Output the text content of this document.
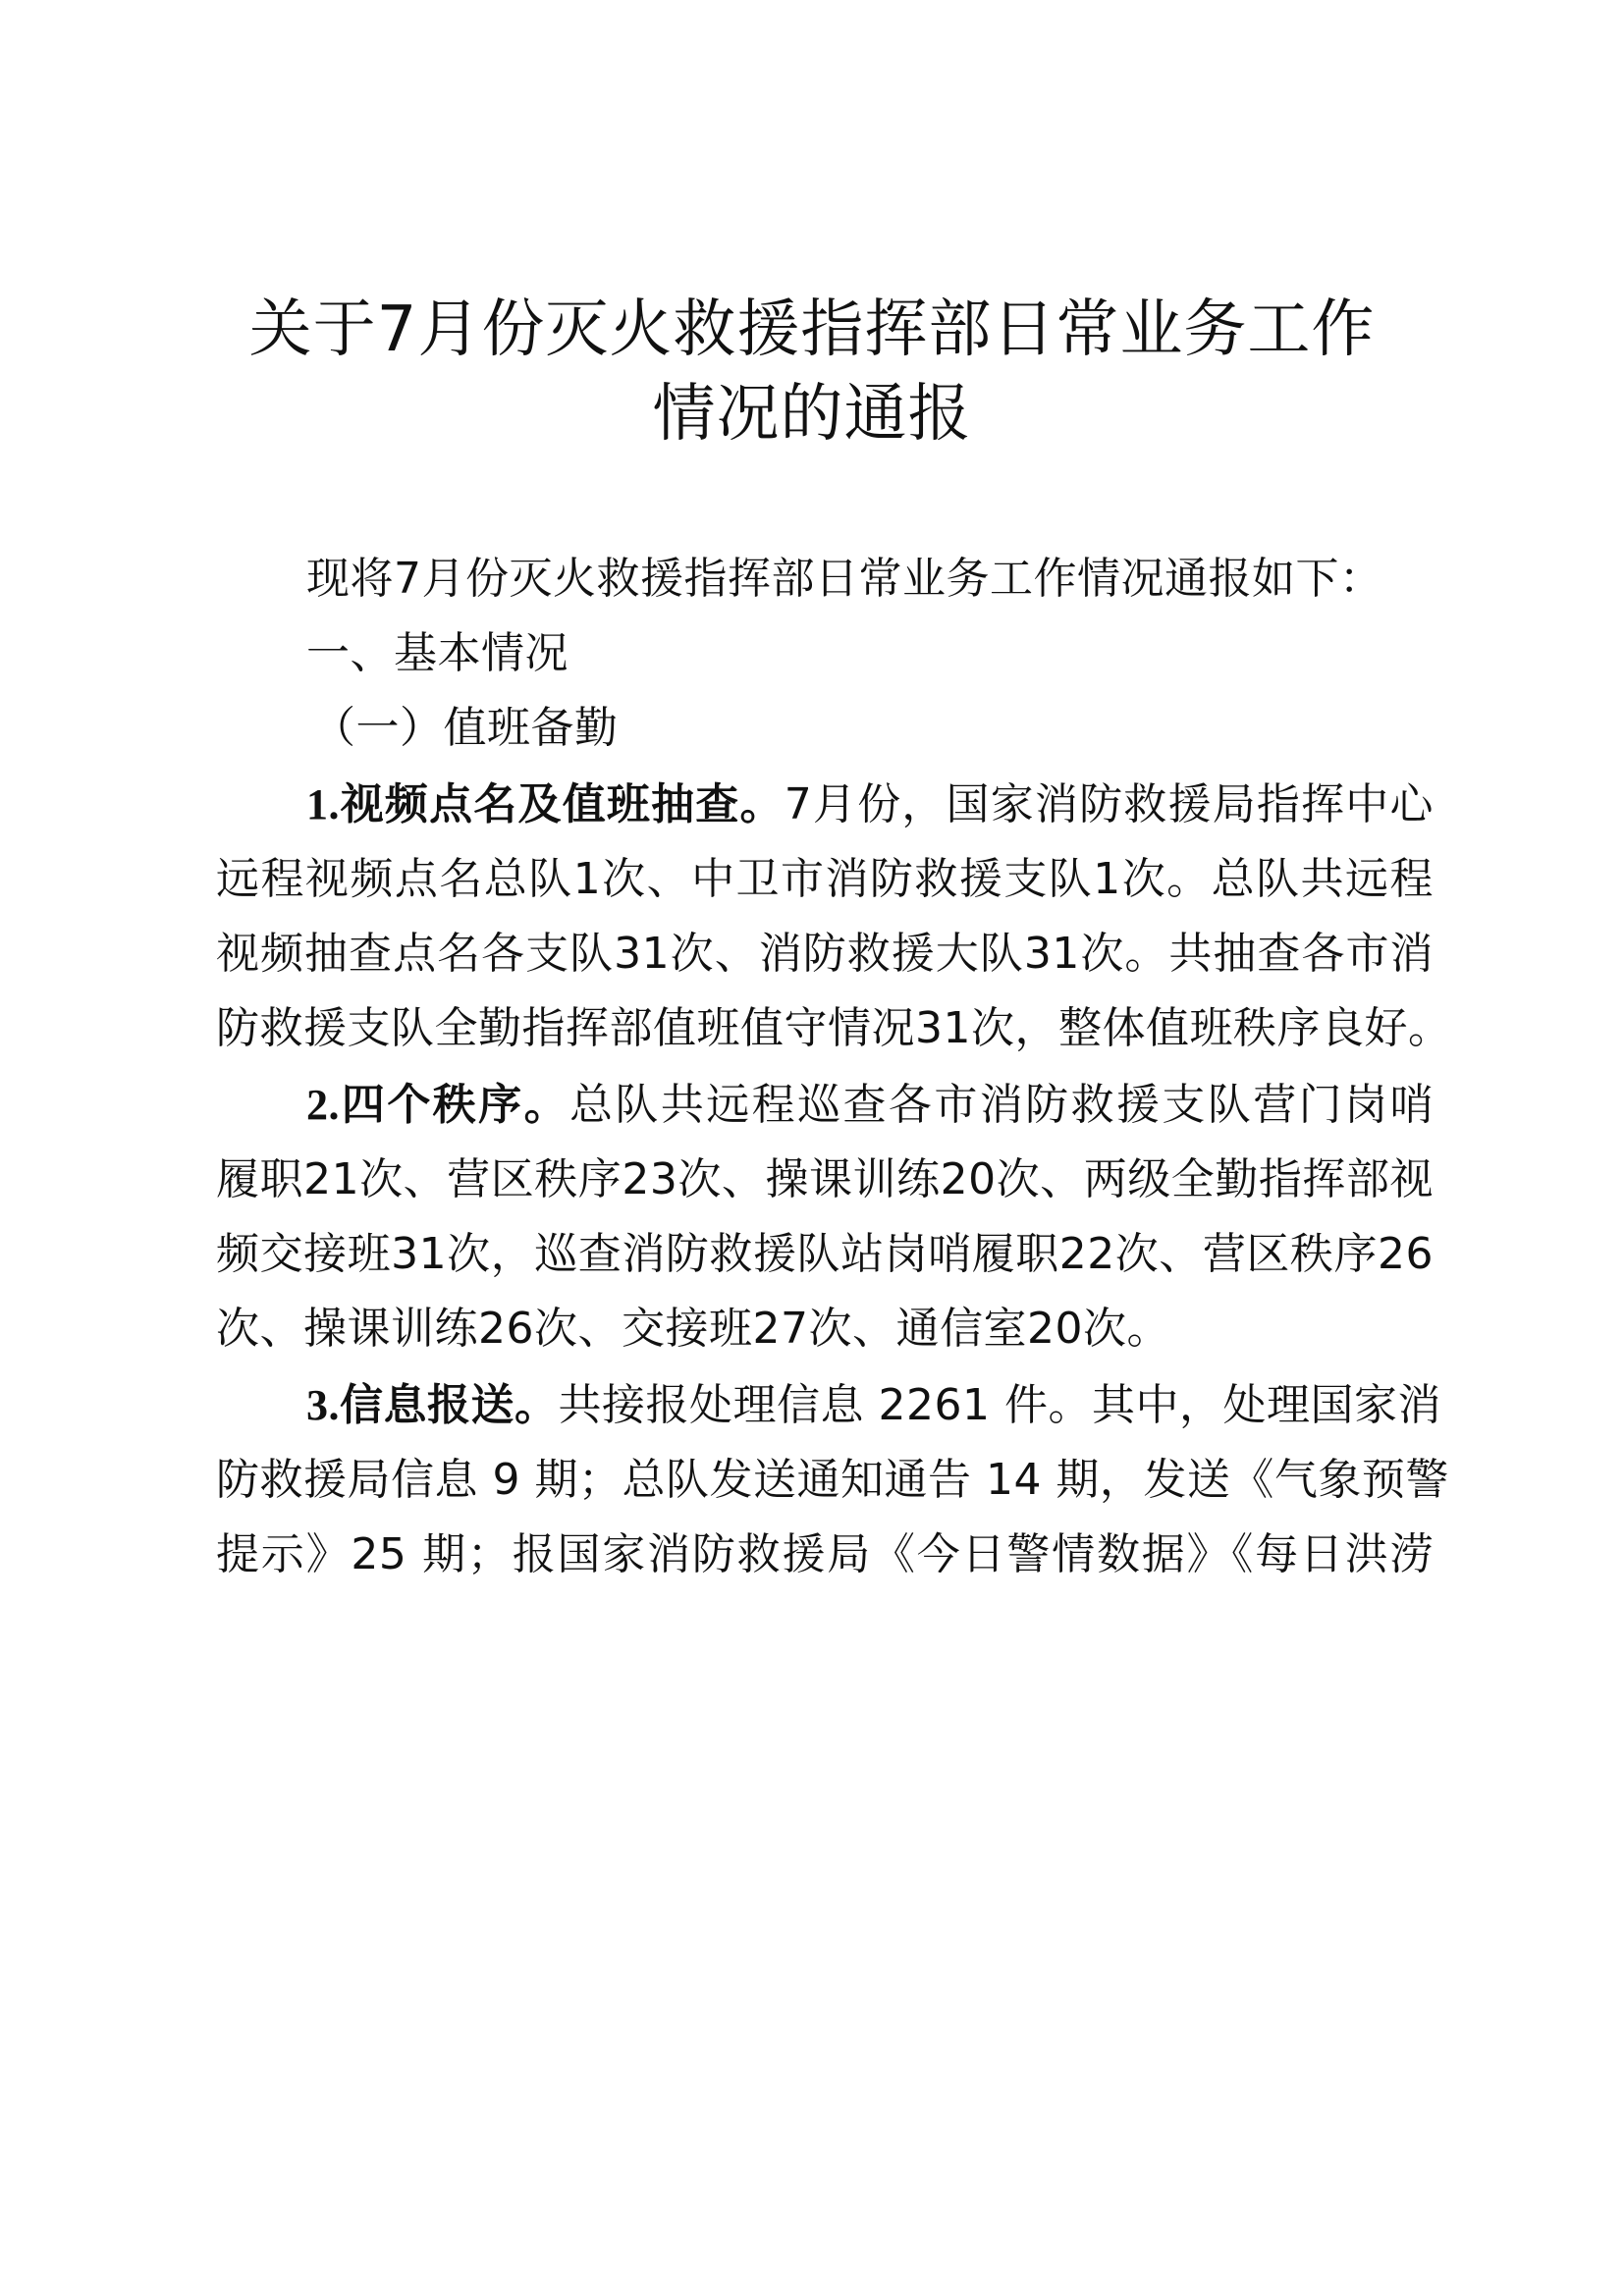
关于7月份灭火救援指挥部日常业务工作
情况的通报
现将7月份灭火救援指挥部日常业务工作情况通报如下：
一、基本情况
（一）值班备勤
1.视频点名及值班抽查。7月份，国家消防救援局指挥中心
远程视频点名总队1次、中卫市消防救援支队1次。总队共远程
视频抽查点名各支队31次、消防救援大队31次。共抽查各市消
防救援支队全勤指挥部值班值守情况31次，整体值班秩序良好。
2.四个秩序。总队共远程巡查各市消防救援支队营门岗哨
履职21次、营区秩序23次、操课训练20次、两级全勤指挥部视
频交接班31次，巡查消防救援队站岗哨履职22次、营区秩序26
次、操课训练26次、交接班27次、通信室20次。
3.信息报送。共接报处理信息 2261 件。其中，处理国家消
防救援局信息 9 期；总队发送通知通告 14 期，发送《气象预警
提示》25 期；报国家消防救援局《今日警情数据》《每日洪涝
